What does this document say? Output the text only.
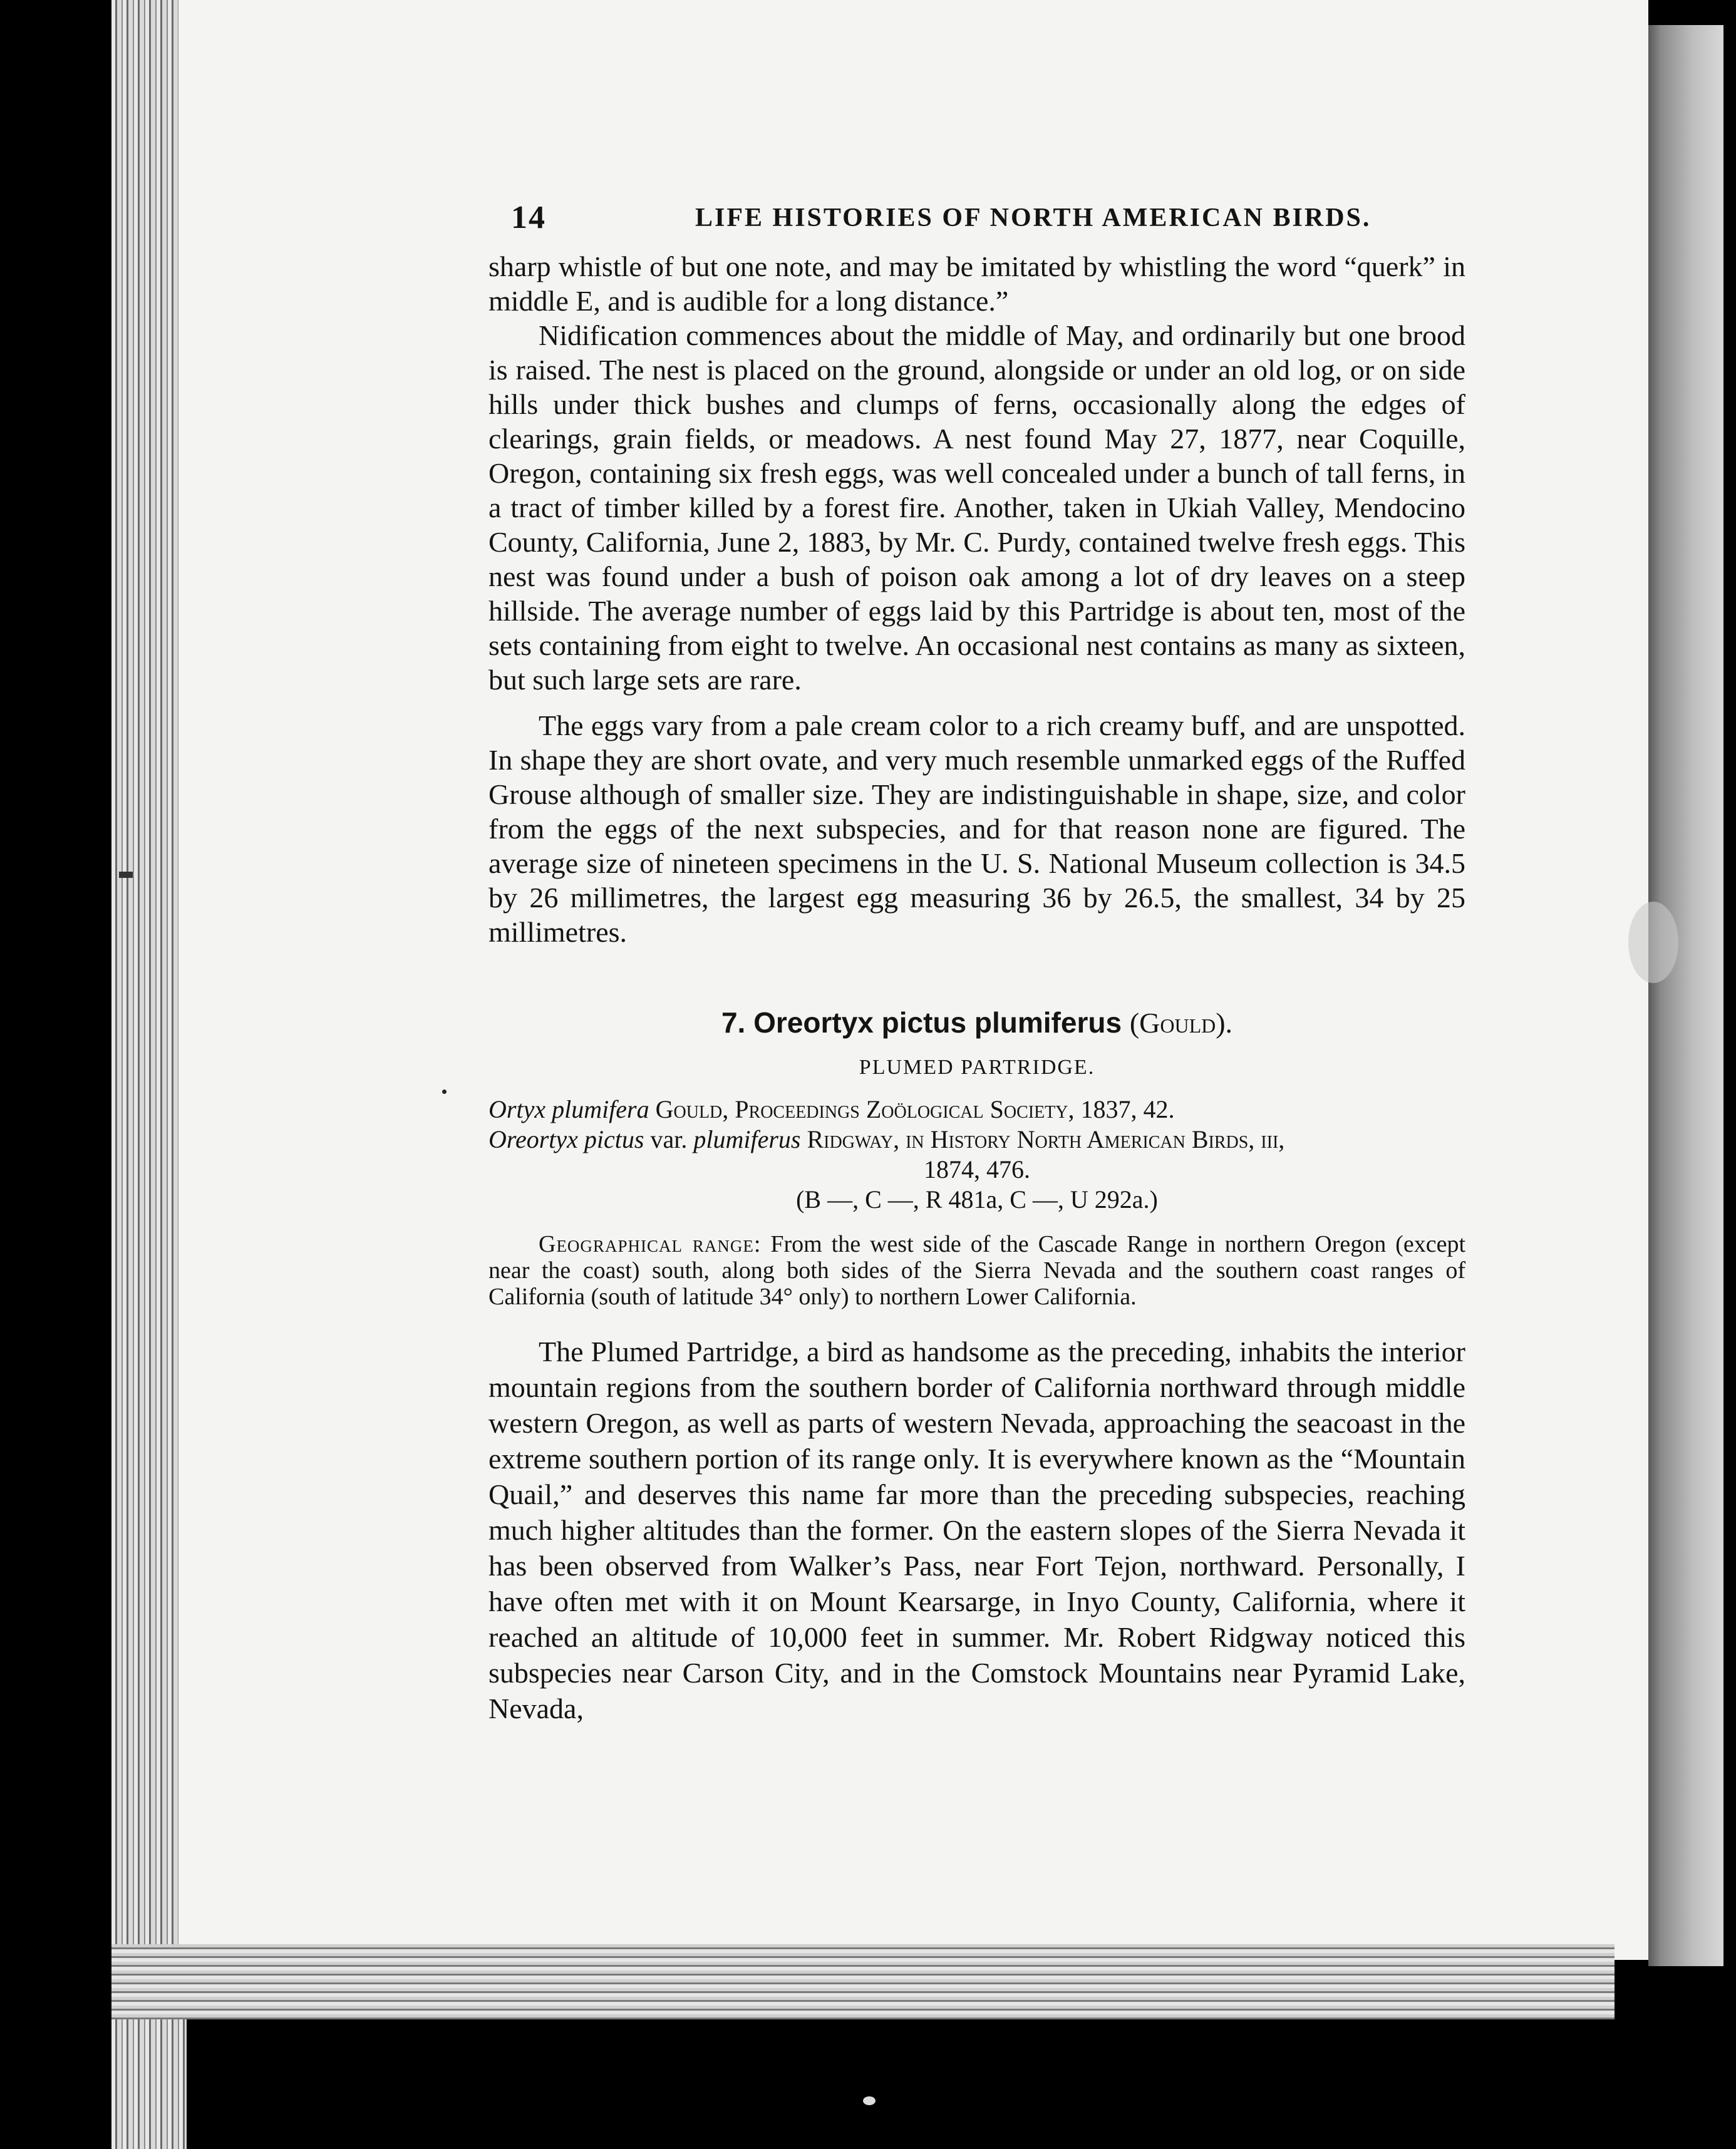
14	LIFE HISTORIES OF NORTH AMERICAN BIRDS.

sharp whistle of but one note, and may be imitated by whistling the word “querk” in middle E, and is audible for a long distance.”

Nidification commences about the middle of May, and ordinarily but one brood is raised. The nest is placed on the ground, alongside or under an old log, or on side hills under thick bushes and clumps of ferns, occasionally along the edges of clearings, grain fields, or meadows. A nest found May 27, 1877, near Coquille, Oregon, containing six fresh eggs, was well concealed under a bunch of tall ferns, in a tract of timber killed by a forest fire. Another, taken in Ukiah Valley, Mendocino County, California, June 2, 1883, by Mr. C. Purdy, contained twelve fresh eggs. This nest was found under a bush of poison oak among a lot of dry leaves on a steep hillside. The average number of eggs laid by this Partridge is about ten, most of the sets containing from eight to twelve. An occasional nest contains as many as sixteen, but such large sets are rare.

The eggs vary from a pale cream color to a rich creamy buff, and are unspotted. In shape they are short ovate, and very much resemble unmarked eggs of the Ruffed Grouse although of smaller size. They are indistinguishable in shape, size, and color from the eggs of the next subspecies, and for that reason none are figured. The average size of nineteen specimens in the U. S. National Museum collection is 34.5 by 26 millimetres, the largest egg measuring 36 by 26.5, the smallest, 34 by 25 millimetres.

7. Oreortyx pictus plumiferus (Gould).
PLUMED PARTRIDGE.

Ortyx plumifera Gould, Proceedings Zoölogical Society, 1837, 42.

Oreortyx pictus var. plumiferus Ridgway, in History North American Birds, iii,

1874, 476.

(B —, C —, R 481a, C —, U 292a.)

Geographical range: From the west side of the Cascade Range in northern Oregon (except near the coast) south, along both sides of the Sierra Nevada and the southern coast ranges of California (south of latitude 34° only) to northern Lower California.

The Plumed Partridge, a bird as handsome as the preceding, inhabits the interior mountain regions from the southern border of California northward through middle western Oregon, as well as parts of western Nevada, approaching the seacoast in the extreme southern portion of its range only. It is everywhere known as the “Mountain Quail,” and deserves this name far more than the preceding subspecies, reaching much higher altitudes than the former. On the eastern slopes of the Sierra Nevada it has been observed from Walker’s Pass, near Fort Tejon, northward. Personally, I have often met with it on Mount Kearsarge, in Inyo County, California, where it reached an altitude of 10,000 feet in summer. Mr. Robert Ridgway noticed this subspecies near Carson City, and in the Comstock Mountains near Pyramid Lake, Nevada,
